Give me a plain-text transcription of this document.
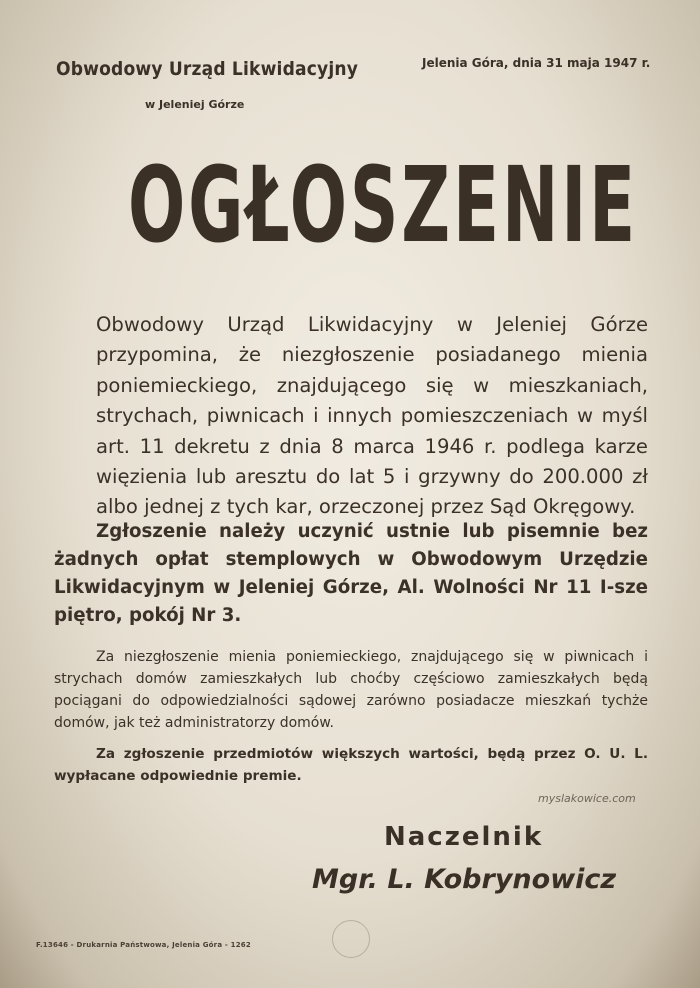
Obwodowy Urząd Likwidacyjny
w Jeleniej Górze
Jelenia Góra, dnia 31 maja 1947 r.
OGŁOSZENIE
Obwodowy Urząd Likwidacyjny w Jeleniej Górze przypomina, że niezgłoszenie posiadanego mienia poniemieckiego, znajdującego się w mieszkaniach, strychach, piwnicach i innych pomieszczeniach w myśl art. 11 dekretu z dnia 8 marca 1946 r. podlega karze więzienia lub aresztu do lat 5 i grzywny do 200.000 zł albo jednej z tych kar, orzeczonej przez Sąd Okręgowy.
Zgłoszenie należy uczynić ustnie lub pisemnie bez żadnych opłat stemplowych w Obwodowym Urzędzie Likwidacyjnym w Jeleniej Górze, Al. Wolności Nr 11 I-sze piętro, pokój Nr 3.
Za niezgłoszenie mienia poniemieckiego, znajdującego się w piwnicach i strychach domów zamieszkałych lub choćby częściowo zamieszkałych będą pociągani do odpowiedzialności sądowej zarówno posiadacze mieszkań tychże domów, jak też administratorzy domów.
Za zgłoszenie przedmiotów większych wartości, będą przez O. U. L. wypłacane odpowiednie premie.
myslakowice.com
Naczelnik
Mgr. L. Kobrynowicz
F.13646 - Drukarnia Państwowa, Jelenia Góra - 1262
